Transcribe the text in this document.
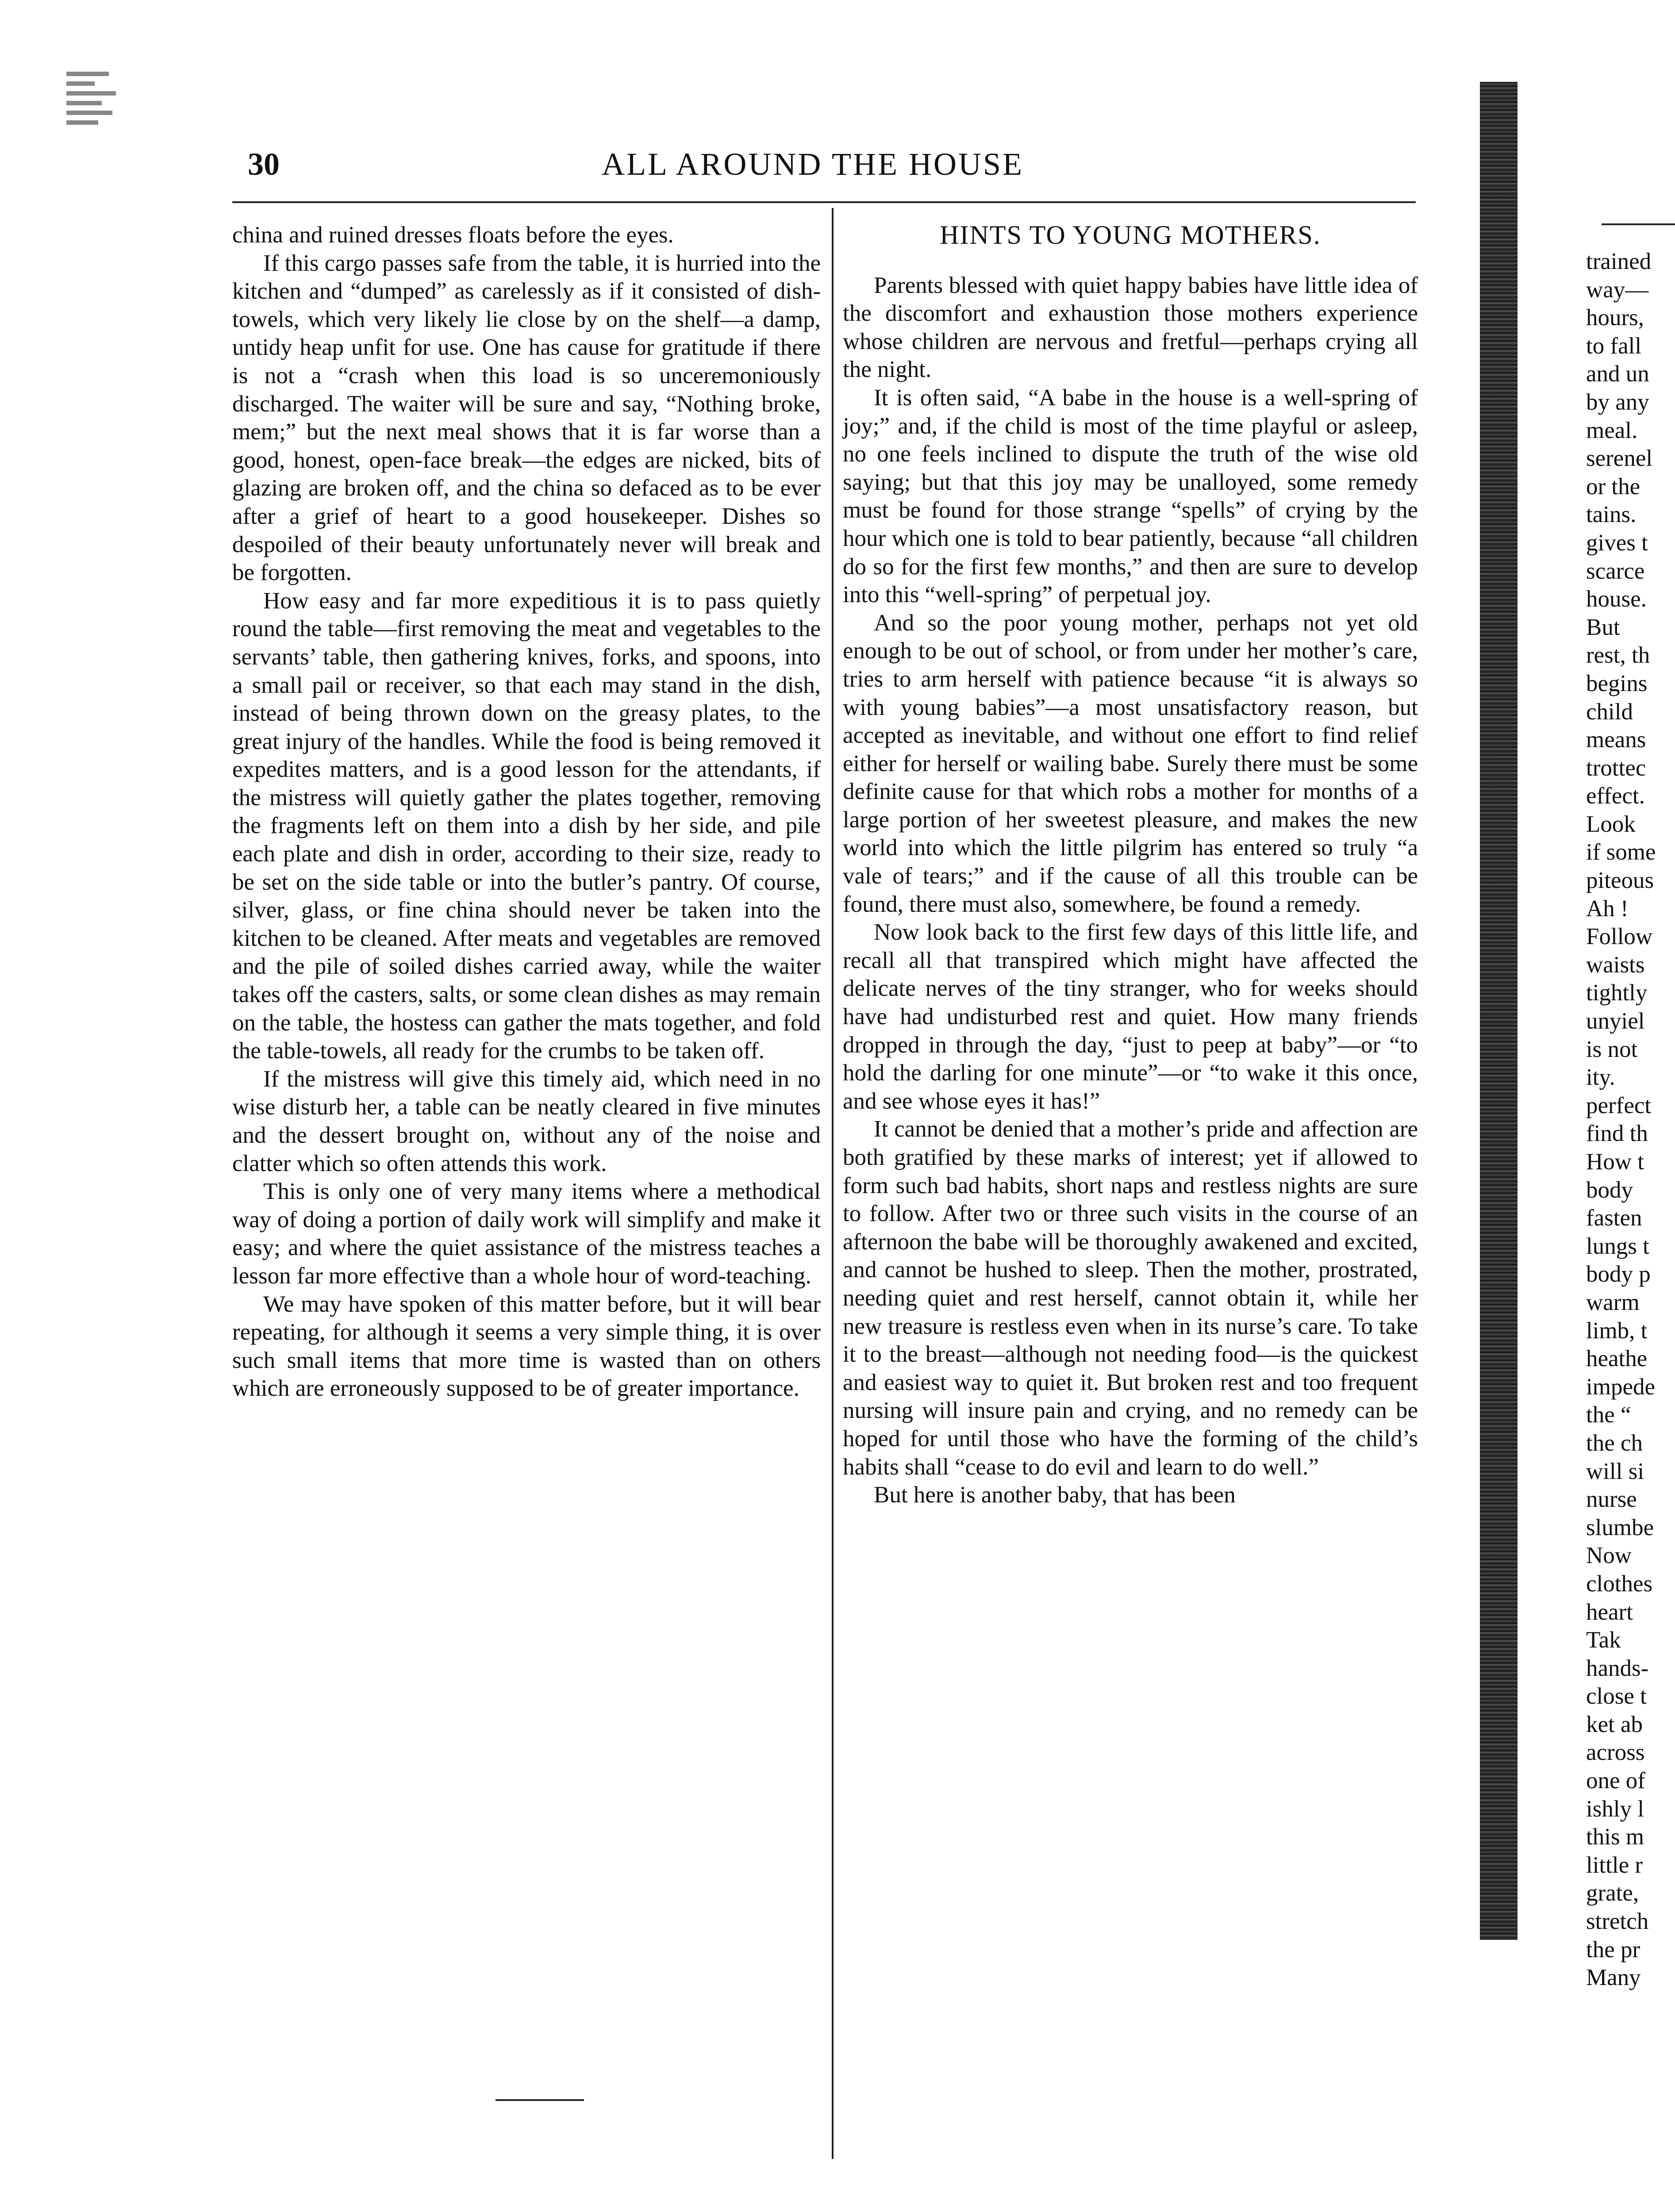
30	ALL AROUND THE HOUSE

china and ruined dresses floats before the eyes.

If this cargo passes safe from the table, it is hurried into the kitchen and “dumped” as carelessly as if it consisted of dish-towels, which very likely lie close by on the shelf—a damp, untidy heap unfit for use. One has cause for gratitude if there is not a “crash when this load is so unceremoniously discharged. The waiter will be sure and say, “Nothing broke, mem;” but the next meal shows that it is far worse than a good, honest, open-face break—the edges are nicked, bits of glazing are broken off, and the china so defaced as to be ever after a grief of heart to a good housekeeper. Dishes so despoiled of their beauty unfortunately never will break and be forgotten.

How easy and far more expeditious it is to pass quietly round the table—first removing the meat and vegetables to the servants’ table, then gathering knives, forks, and spoons, into a small pail or receiver, so that each may stand in the dish, instead of being thrown down on the greasy plates, to the great injury of the handles. While the food is being removed it expedites matters, and is a good lesson for the attendants, if the mistress will quietly gather the plates together, removing the fragments left on them into a dish by her side, and pile each plate and dish in order, according to their size, ready to be set on the side table or into the butler’s pantry. Of course, silver, glass, or fine china should never be taken into the kitchen to be cleaned. After meats and vegetables are removed and the pile of soiled dishes carried away, while the waiter takes off the casters, salts, or some clean dishes as may remain on the table, the hostess can gather the mats together, and fold the table-towels, all ready for the crumbs to be taken off.

If the mistress will give this timely aid, which need in no wise disturb her, a table can be neatly cleared in five minutes and the dessert brought on, without any of the noise and clatter which so often attends this work.

This is only one of very many items where a methodical way of doing a portion of daily work will simplify and make it easy; and where the quiet assistance of the mistress teaches a lesson far more effective than a whole hour of word-teaching.

We may have spoken of this matter before, but it will bear repeating, for although it seems a very simple thing, it is over such small items that more time is wasted than on others which are erroneously supposed to be of greater importance.

HINTS TO YOUNG MOTHERS.

Parents blessed with quiet happy babies have little idea of the discomfort and exhaustion those mothers experience whose children are nervous and fretful—perhaps crying all the night.

It is often said, “A babe in the house is a well-spring of joy;” and, if the child is most of the time playful or asleep, no one feels inclined to dispute the truth of the wise old saying; but that this joy may be unalloyed, some remedy must be found for those strange “spells” of crying by the hour which one is told to bear patiently, because “all children do so for the first few months,” and then are sure to develop into this “well-spring” of perpetual joy.

And so the poor young mother, perhaps not yet old enough to be out of school, or from under her mother’s care, tries to arm herself with patience because “it is always so with young babies”—a most unsatisfactory reason, but accepted as inevitable, and without one effort to find relief either for herself or wailing babe. Surely there must be some definite cause for that which robs a mother for months of a large portion of her sweetest pleasure, and makes the new world into which the little pilgrim has entered so truly “a vale of tears;” and if the cause of all this trouble can be found, there must also, somewhere, be found a remedy.

Now look back to the first few days of this little life, and recall all that transpired which might have affected the delicate nerves of the tiny stranger, who for weeks should have had undisturbed rest and quiet. How many friends dropped in through the day, “just to peep at baby”—or “to hold the darling for one minute”—or “to wake it this once, and see whose eyes it has!”

It cannot be denied that a mother’s pride and affection are both gratified by these marks of interest; yet if allowed to form such bad habits, short naps and restless nights are sure to follow. After two or three such visits in the course of an afternoon the babe will be thoroughly awakened and excited, and cannot be hushed to sleep. Then the mother, prostrated, needing quiet and rest herself, cannot obtain it, while her new treasure is restless even when in its nurse’s care. To take it to the breast—although not needing food—is the quickest and easiest way to quiet it. But broken rest and too frequent nursing will insure pain and crying, and no remedy can be hoped for until those who have the forming of the child’s habits shall “cease to do evil and learn to do well.”

But here is another baby, that has been

trained
way—
hours,
to fall
and un
by any
meal.
serenel
or the
tains.
gives t
scarce
house.
But
rest, th
begins
child
means
trottec
effect.
Look
if some
piteous
Ah !
Follow
waists
tightly
unyiel
is not
ity.
perfect
find th
How t
body
fasten
lungs t
body p
warm
limb, t
heathe
impede
the “
the ch
will si
nurse
slumbe
Now
clothes
heart
Tak
hands-
close t
ket ab
across
one of
ishly l
this m
little r
grate,
stretch
the pr
Many
